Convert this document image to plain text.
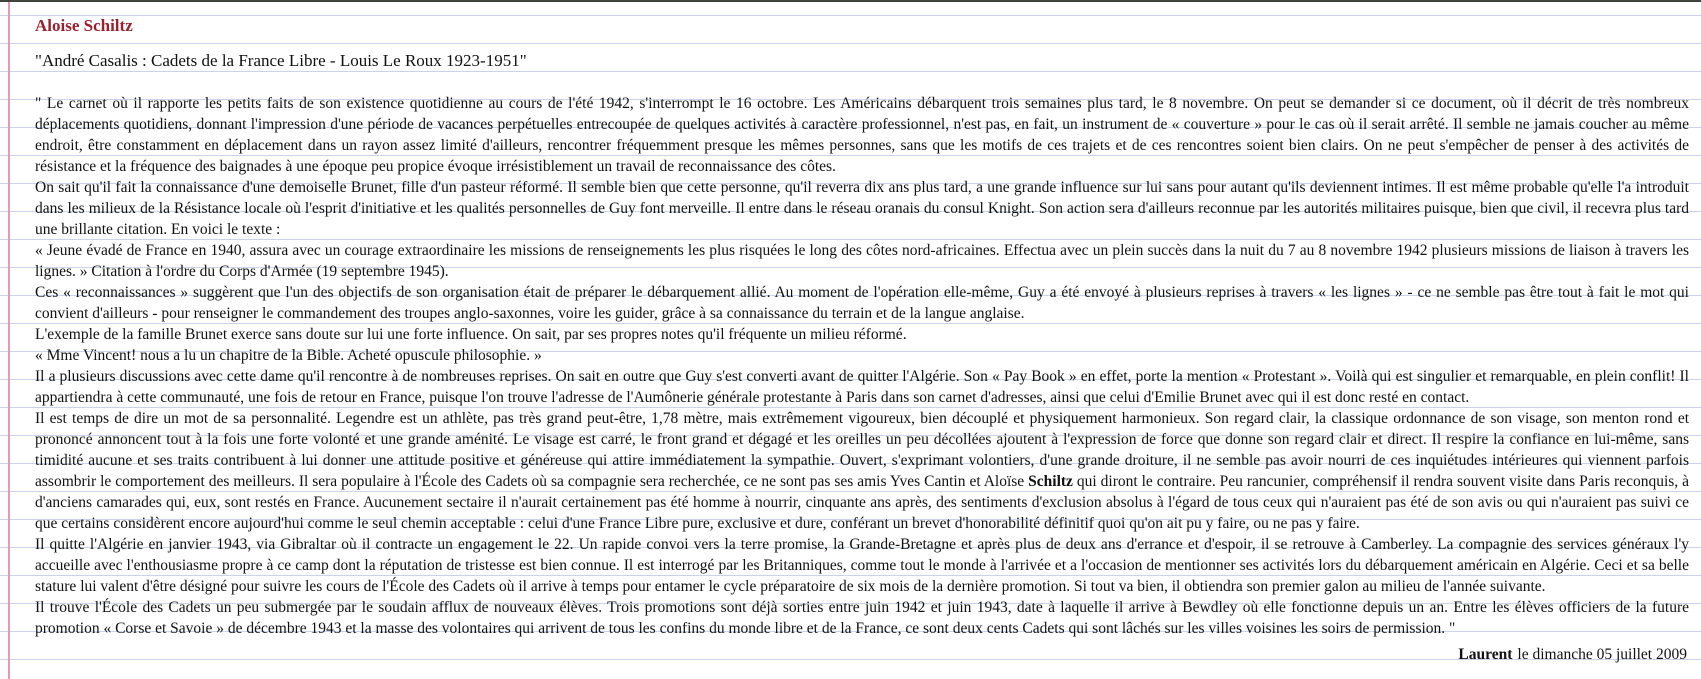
Aloise Schiltz
"André Casalis : Cadets de la France Libre - Louis Le Roux 1923-1951"
" Le carnet où il rapporte les petits faits de son existence quotidienne au cours de l'été 1942, s'interrompt le 16 octobre. Les Américains débarquent trois semaines plus tard, le 8 novembre. On peut se demander si ce document, où il décrit de très nombreux déplacements quotidiens, donnant l'impression d'une période de vacances perpétuelles entrecoupée de quelques activités à caractère professionnel, n'est pas, en fait, un instrument de « couverture » pour le cas où il serait arrêté. Il semble ne jamais coucher au même endroit, être constamment en déplacement dans un rayon assez limité d'ailleurs, rencontrer fréquemment presque les mêmes personnes, sans que les motifs de ces trajets et de ces rencontres soient bien clairs. On ne peut s'empêcher de penser à des activités de résistance et la fréquence des baignades à une époque peu propice évoque irrésistiblement un travail de reconnaissance des côtes.
On sait qu'il fait la connaissance d'une demoiselle Brunet, fille d'un pasteur réformé. Il semble bien que cette personne, qu'il reverra dix ans plus tard, a une grande influence sur lui sans pour autant qu'ils deviennent intimes. Il est même probable qu'elle l'a introduit dans les milieux de la Résistance locale où l'esprit d'initiative et les qualités personnelles de Guy font merveille. Il entre dans le réseau oranais du consul Knight. Son action sera d'ailleurs reconnue par les autorités militaires puisque, bien que civil, il recevra plus tard une brillante citation. En voici le texte :
« Jeune évadé de France en 1940, assura avec un courage extraordinaire les missions de renseignements les plus risquées le long des côtes nord-africaines. Effectua avec un plein succès dans la nuit du 7 au 8 novembre 1942 plusieurs missions de liaison à travers les lignes. » Citation à l'ordre du Corps d'Armée (19 septembre 1945).
Ces « reconnaissances » suggèrent que l'un des objectifs de son organisation était de préparer le débarquement allié. Au moment de l'opération elle-même, Guy a été envoyé à plusieurs reprises à travers « les lignes » - ce ne semble pas être tout à fait le mot qui convient d'ailleurs - pour renseigner le commandement des troupes anglo-saxonnes, voire les guider, grâce à sa connaissance du terrain et de la langue anglaise.
L'exemple de la famille Brunet exerce sans doute sur lui une forte influence. On sait, par ses propres notes qu'il fréquente un milieu réformé.
« Mme Vincent! nous a lu un chapitre de la Bible. Acheté opuscule philosophie. »
Il a plusieurs discussions avec cette dame qu'il rencontre à de nombreuses reprises. On sait en outre que Guy s'est converti avant de quitter l'Algérie. Son « Pay Book » en effet, porte la mention « Protestant ». Voilà qui est singulier et remarquable, en plein conflit! Il appartiendra à cette communauté, une fois de retour en France, puisque l'on trouve l'adresse de l'Aumônerie générale protestante à Paris dans son carnet d'adresses, ainsi que celui d'Emilie Brunet avec qui il est donc resté en contact.
Il est temps de dire un mot de sa personnalité. Legendre est un athlète, pas très grand peut-être, 1,78 mètre, mais extrêmement vigoureux, bien découplé et physiquement harmonieux. Son regard clair, la classique ordonnance de son visage, son menton rond et prononcé annoncent tout à la fois une forte volonté et une grande aménité. Le visage est carré, le front grand et dégagé et les oreilles un peu décollées ajoutent à l'expression de force que donne son regard clair et direct. Il respire la confiance en lui-même, sans timidité aucune et ses traits contribuent à lui donner une attitude positive et généreuse qui attire immédiatement la sympathie. Ouvert, s'exprimant volontiers, d'une grande droiture, il ne semble pas avoir nourri de ces inquiétudes intérieures qui viennent parfois assombrir le comportement des meilleurs. Il sera populaire à l'École des Cadets où sa compagnie sera recherchée, ce ne sont pas ses amis Yves Cantin et Aloïse Schiltz qui diront le contraire. Peu rancunier, compréhensif il rendra souvent visite dans Paris reconquis, à d'anciens camarades qui, eux, sont restés en France. Aucunement sectaire il n'aurait certainement pas été homme à nourrir, cinquante ans après, des sentiments d'exclusion absolus à l'égard de tous ceux qui n'auraient pas été de son avis ou qui n'auraient pas suivi ce que certains considèrent encore aujourd'hui comme le seul chemin acceptable : celui d'une France Libre pure, exclusive et dure, conférant un brevet d'honorabilité définitif quoi qu'on ait pu y faire, ou ne pas y faire.
Il quitte l'Algérie en janvier 1943, via Gibraltar où il contracte un engagement le 22. Un rapide convoi vers la terre promise, la Grande-Bretagne et après plus de deux ans d'errance et d'espoir, il se retrouve à Camberley. La compagnie des services généraux l'y accueille avec l'enthousiasme propre à ce camp dont la réputation de tristesse est bien connue. Il est interrogé par les Britanniques, comme tout le monde à l'arrivée et a l'occasion de mentionner ses activités lors du débarquement américain en Algérie. Ceci et sa belle stature lui valent d'être désigné pour suivre les cours de l'École des Cadets où il arrive à temps pour entamer le cycle préparatoire de six mois de la dernière promotion. Si tout va bien, il obtiendra son premier galon au milieu de l'année suivante.
Il trouve l'École des Cadets un peu submergée par le soudain afflux de nouveaux élèves. Trois promotions sont déjà sorties entre juin 1942 et juin 1943, date à laquelle il arrive à Bewdley où elle fonctionne depuis un an. Entre les élèves officiers de la future promotion « Corse et Savoie » de décembre 1943 et la masse des volontaires qui arrivent de tous les confins du monde libre et de la France, ce sont deux cents Cadets qui sont lâchés sur les villes voisines les soirs de permission. "
Laurent le dimanche 05 juillet 2009
